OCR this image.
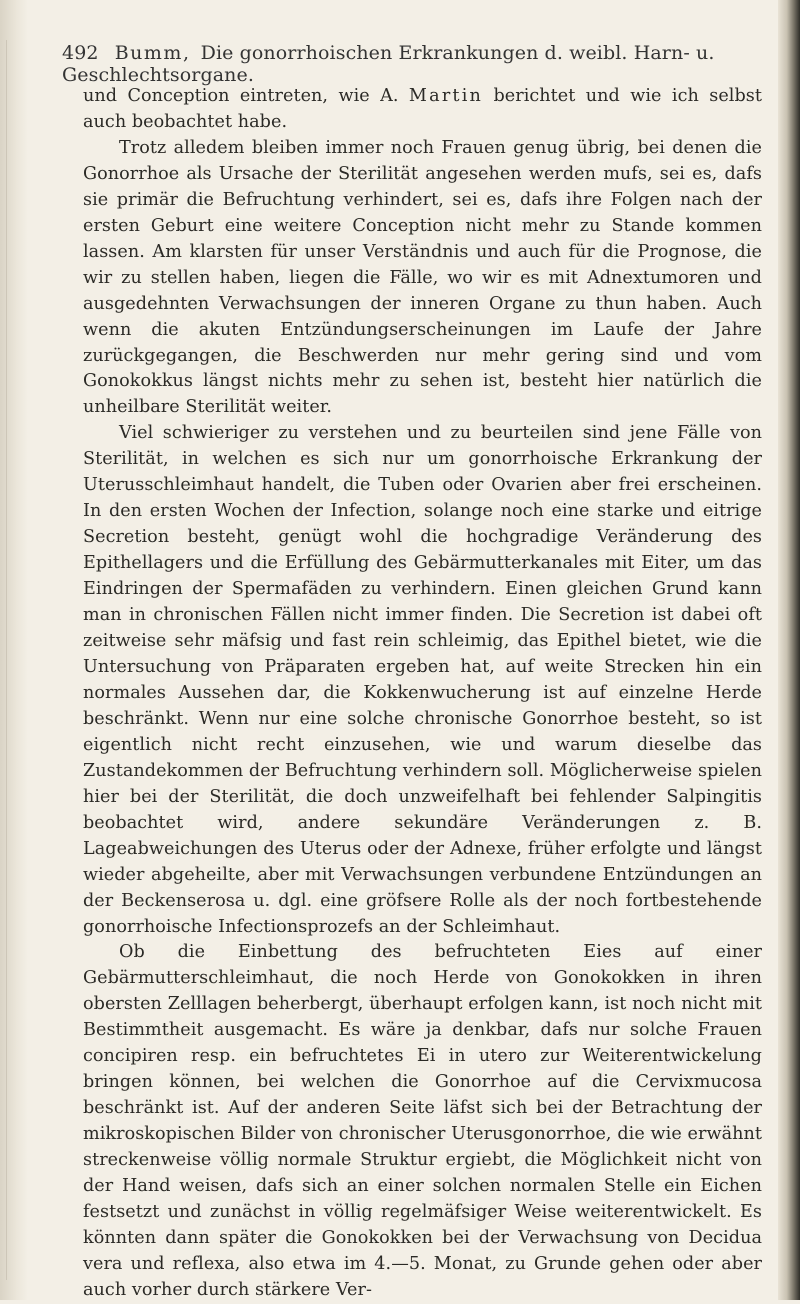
492 Bumm, Die gonorrhoischen Erkrankungen d. weibl. Harn- u. Geschlechtsorgane.

und Conception eintreten, wie A. Martin berichtet und wie ich selbst auch beobachtet habe.

Trotz alledem bleiben immer noch Frauen genug übrig, bei denen die Gonorrhoe als Ursache der Sterilität angesehen werden mufs, sei es, dafs sie primär die Befruchtung verhindert, sei es, dafs ihre Folgen nach der ersten Geburt eine weitere Conception nicht mehr zu Stande kommen lassen. Am klarsten für unser Verständnis und auch für die Prognose, die wir zu stellen haben, liegen die Fälle, wo wir es mit Adnextumoren und ausgedehnten Verwachsungen der inneren Organe zu thun haben. Auch wenn die akuten Entzündungserscheinungen im Laufe der Jahre zurückgegangen, die Beschwerden nur mehr gering sind und vom Gonokokkus längst nichts mehr zu sehen ist, besteht hier natürlich die unheilbare Sterilität weiter.

Viel schwieriger zu verstehen und zu beurteilen sind jene Fälle von Sterilität, in welchen es sich nur um gonorrhoische Erkrankung der Uterusschleimhaut handelt, die Tuben oder Ovarien aber frei erscheinen. In den ersten Wochen der Infection, solange noch eine starke und eitrige Secretion besteht, genügt wohl die hochgradige Veränderung des Epithellagers und die Erfüllung des Gebärmutterkanales mit Eiter, um das Eindringen der Spermafäden zu verhindern. Einen gleichen Grund kann man in chronischen Fällen nicht immer finden. Die Secretion ist dabei oft zeitweise sehr mäfsig und fast rein schleimig, das Epithel bietet, wie die Untersuchung von Präparaten ergeben hat, auf weite Strecken hin ein normales Aussehen dar, die Kokkenwucherung ist auf einzelne Herde beschränkt. Wenn nur eine solche chronische Gonorrhoe besteht, so ist eigentlich nicht recht einzusehen, wie und warum dieselbe das Zustandekommen der Befruchtung verhindern soll. Möglicherweise spielen hier bei der Sterilität, die doch unzweifelhaft bei fehlender Salpingitis beobachtet wird, andere sekundäre Veränderungen z. B. Lageabweichungen des Uterus oder der Adnexe, früher erfolgte und längst wieder abgeheilte, aber mit Verwachsungen verbundene Entzündungen an der Beckenserosa u. dgl. eine gröfsere Rolle als der noch fortbestehende gonorrhoische Infectionsprozefs an der Schleimhaut.

Ob die Einbettung des befruchteten Eies auf einer Gebärmutterschleimhaut, die noch Herde von Gonokokken in ihren obersten Zelllagen beherbergt, überhaupt erfolgen kann, ist noch nicht mit Bestimmtheit ausgemacht. Es wäre ja denkbar, dafs nur solche Frauen concipiren resp. ein befruchtetes Ei in utero zur Weiterentwickelung bringen können, bei welchen die Gonorrhoe auf die Cervixmucosa beschränkt ist. Auf der anderen Seite läfst sich bei der Betrachtung der mikroskopischen Bilder von chronischer Uterusgonorrhoe, die wie erwähnt streckenweise völlig normale Struktur ergiebt, die Möglichkeit nicht von der Hand weisen, dafs sich an einer solchen normalen Stelle ein Eichen festsetzt und zunächst in völlig regelmäfsiger Weise weiterentwickelt. Es könnten dann später die Gonokokken bei der Verwachsung von Decidua vera und reflexa, also etwa im 4.—5. Monat, zu Grunde gehen oder aber auch vorher durch stärkere Ver-
